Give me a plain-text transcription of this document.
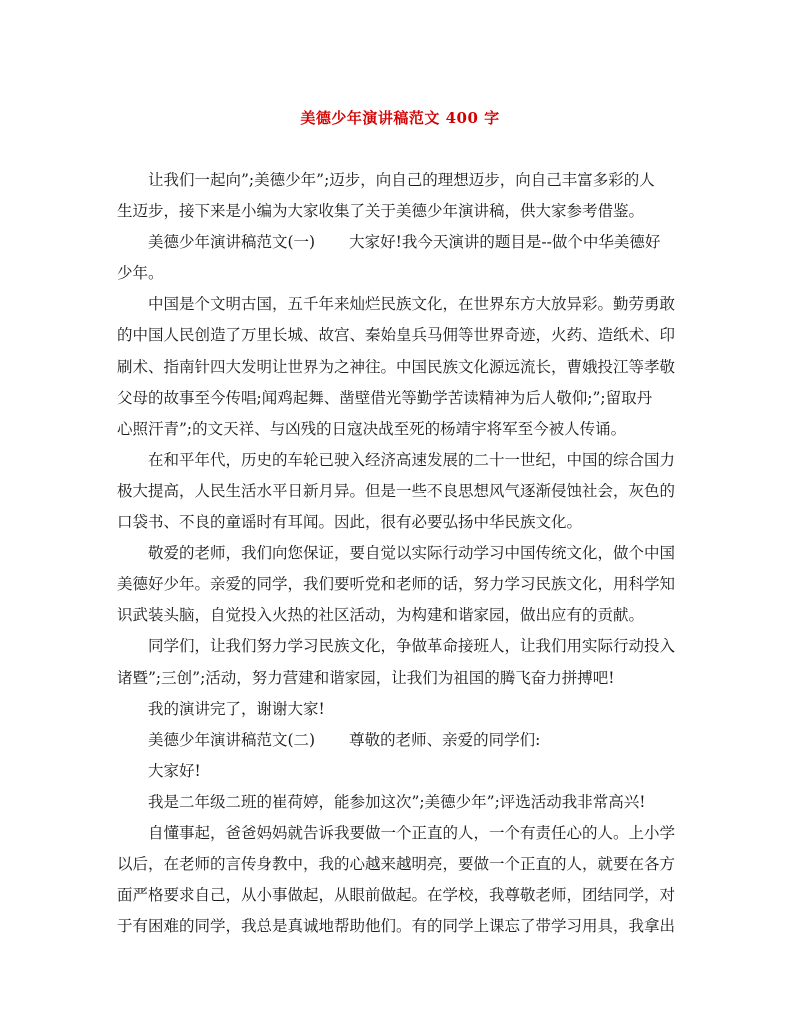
美德少年演讲稿范文 400 字
让我们一起向”;美德少年”;迈步，向自己的理想迈步，向自己丰富多彩的人
生迈步，接下来是小编为大家收集了关于美德少年演讲稿，供大家参考借鉴。
美德少年演讲稿范文(一) 大家好!我今天演讲的题目是--做个中华美德好
少年。
中国是个文明古国，五千年来灿烂民族文化，在世界东方大放异彩。勤劳勇敢
的中国人民创造了万里长城、故宫、秦始皇兵马佣等世界奇迹，火药、造纸术、印
刷术、指南针四大发明让世界为之神往。中国民族文化源远流长，曹娥投江等孝敬
父母的故事至今传唱;闻鸡起舞、凿壁借光等勤学苦读精神为后人敬仰;”;留取丹
心照汗青”;的文天祥、与凶残的日寇决战至死的杨靖宇将军至今被人传诵。
在和平年代，历史的车轮已驶入经济高速发展的二十一世纪，中国的综合国力
极大提高，人民生活水平日新月异。但是一些不良思想风气逐渐侵蚀社会，灰色的
口袋书、不良的童谣时有耳闻。因此，很有必要弘扬中华民族文化。
敬爱的老师，我们向您保证，要自觉以实际行动学习中国传统文化，做个中国
美德好少年。亲爱的同学，我们要听党和老师的话，努力学习民族文化，用科学知
识武装头脑，自觉投入火热的社区活动，为构建和谐家园，做出应有的贡献。
同学们，让我们努力学习民族文化，争做革命接班人，让我们用实际行动投入
诸暨”;三创”;活动，努力营建和谐家园，让我们为祖国的腾飞奋力拼搏吧!
我的演讲完了，谢谢大家!
美德少年演讲稿范文(二) 尊敬的老师、亲爱的同学们:
大家好!
我是二年级二班的崔荷婷，能参加这次”;美德少年”;评选活动我非常高兴!
自懂事起，爸爸妈妈就告诉我要做一个正直的人，一个有责任心的人。上小学
以后，在老师的言传身教中，我的心越来越明亮，要做一个正直的人，就要在各方
面严格要求自己，从小事做起，从眼前做起。在学校，我尊敬老师，团结同学，对
于有困难的同学，我总是真诚地帮助他们。有的同学上课忘了带学习用具，我拿出
